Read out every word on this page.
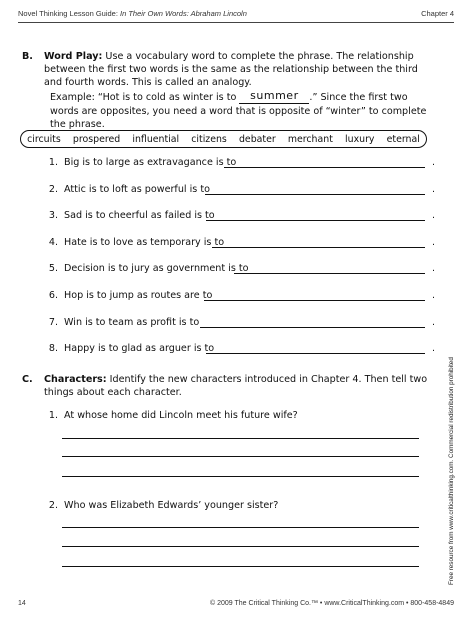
Novel Thinking Lesson Guide: In Their Own Words: Abraham Lincoln	Chapter 4
B. Word Play: Use a vocabulary word to complete the phrase. The relationship between the first two words is the same as the relationship between the third and fourth words. This is called an analogy.
Example: “Hot is to cold as winter is to summer .” Since the first two words are opposites, you need a word that is opposite of “winter” to complete the phrase.
circuits prospered influential citizens debater merchant luxury eternal
1. Big is to large as extravagance is to	.
2. Attic is to loft as powerful is to	.
3. Sad is to cheerful as failed is to	.
4. Hate is to love as temporary is to	.
5. Decision is to jury as government is to	.
6. Hop is to jump as routes are to	.
7. Win is to team as profit is to	.
8. Happy is to glad as arguer is to	.
C. Characters: Identify the new characters introduced in Chapter 4. Then tell two things about each character.
1. At whose home did Lincoln meet his future wife?
2. Who was Elizabeth Edwards’ younger sister?	Free resource from www.criticalthinking.com. Commercial redistribution prohibited
14	© 2009 The Critical Thinking Co.™ • www.CriticalThinking.com • 800-458-4849
